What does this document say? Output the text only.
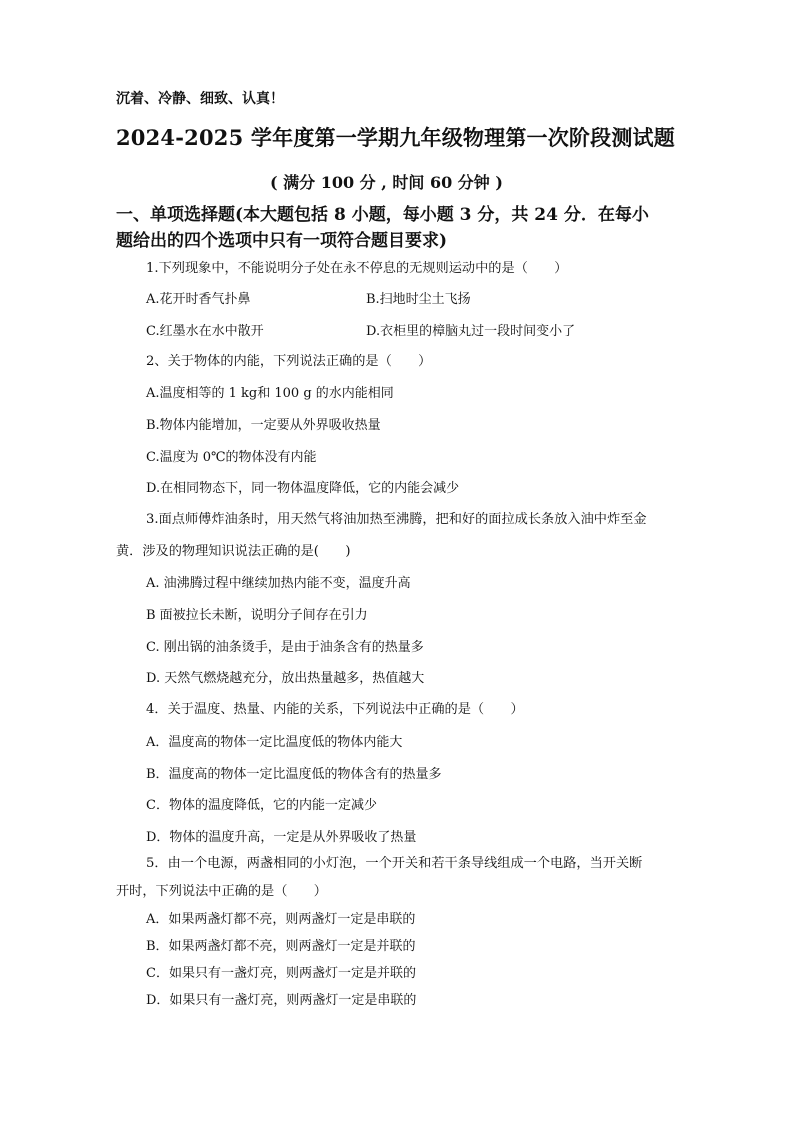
沉着、冷静、细致、认真！
2024-2025 学年度第一学期九年级物理第一次阶段测试题
( 满分 100 分 , 时间 60 分钟 )
一、单项选择题(本大题包括 8 小题，每小题 3 分，共 24 分．在每小
题给出的四个选项中只有一项符合题目要求)
1.下列现象中，不能说明分子处在永不停息的无规则运动中的是（　　）
A.花开时香气扑鼻	B.扫地时尘土飞扬
C.红墨水在水中散开	D.衣柜里的樟脑丸过一段时间变小了
2、关于物体的内能，下列说法正确的是（　　）
A.温度相等的 1 kg和 100 g 的水内能相同
B.物体内能增加，一定要从外界吸收热量
C.温度为 0℃的物体没有内能
D.在相同物态下，同一物体温度降低，它的内能会减少
3.面点师傅炸油条时，用天然气将油加热至沸腾，把和好的面拉成长条放入油中炸至金
黄．涉及的物理知识说法正确的是(　　)
A. 油沸腾过程中继续加热内能不变，温度升高
B 面被拉长未断，说明分子间存在引力
C. 刚出锅的油条烫手，是由于油条含有的热量多
D. 天然气燃烧越充分，放出热量越多，热值越大
4．关于温度、热量、内能的关系，下列说法中正确的是（　　）
A．温度高的物体一定比温度低的物体内能大
B．温度高的物体一定比温度低的物体含有的热量多
C．物体的温度降低，它的内能一定减少
D．物体的温度升高，一定是从外界吸收了热量
5．由一个电源，两盏相同的小灯泡，一个开关和若干条导线组成一个电路，当开关断
开时，下列说法中正确的是（　　）
A．如果两盏灯都不亮，则两盏灯一定是串联的
B．如果两盏灯都不亮，则两盏灯一定是并联的
C．如果只有一盏灯亮，则两盏灯一定是并联的
D．如果只有一盏灯亮，则两盏灯一定是串联的
